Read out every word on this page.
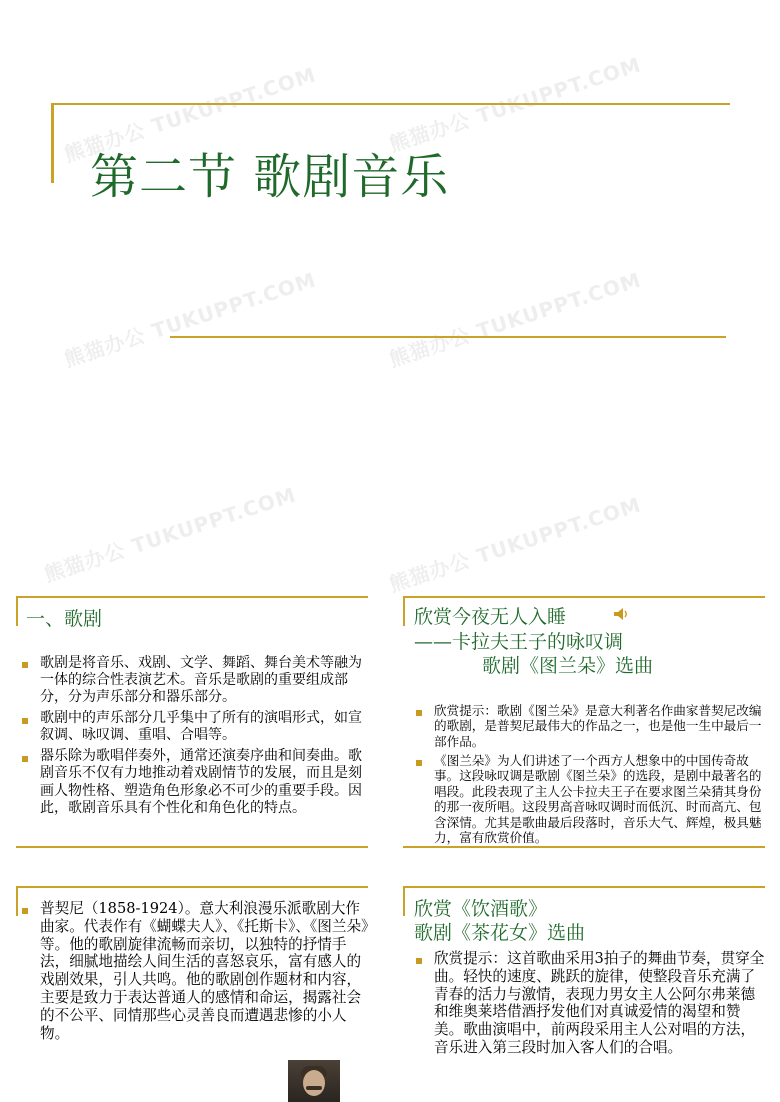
熊猫办公 TUKUPPT.COM	熊猫办公 TUKUPPT.COM
熊猫办公 TUKUPPT.COM	熊猫办公 TUKUPPT.COM
熊猫办公 TUKUPPT.COM	熊猫办公 TUKUPPT.COM
第二节 歌剧音乐
一、歌剧
歌剧是将音乐、戏剧、文学、舞蹈、舞台美术等融为一体的综合性表演艺术。音乐是歌剧的重要组成部分，分为声乐部分和器乐部分。
歌剧中的声乐部分几乎集中了所有的演唱形式，如宣叙调、咏叹调、重唱、合唱等。
器乐除为歌唱伴奏外，通常还演奏序曲和间奏曲。歌剧音乐不仅有力地推动着戏剧情节的发展，而且是刻画人物性格、塑造角色形象必不可少的重要手段。因此，歌剧音乐具有个性化和角色化的特点。
欣赏今夜无人入睡
——卡拉夫王子的咏叹调
歌剧《图兰朵》选曲
欣赏提示：歌剧《图兰朵》是意大利著名作曲家普契尼改编的歌剧，是普契尼最伟大的作品之一，也是他一生中最后一部作品。
《图兰朵》为人们讲述了一个西方人想象中的中国传奇故事。这段咏叹调是歌剧《图兰朵》的选段，是剧中最著名的唱段。此段表现了主人公卡拉夫王子在要求图兰朵猜其身份的那一夜所唱。这段男高音咏叹调时而低沉、时而高亢、包含深情。尤其是歌曲最后段落时，音乐大气、辉煌，极具魅力，富有欣赏价值。
普契尼（1858-1924）。意大利浪漫乐派歌剧大作曲家。代表作有《蝴蝶夫人》、《托斯卡》、《图兰朵》等。他的歌剧旋律流畅而亲切，以独特的抒情手法，细腻地描绘人间生活的喜怒哀乐，富有感人的戏剧效果，引人共鸣。他的歌剧创作题材和内容，主要是致力于表达普通人的感情和命运，揭露社会的不公平、同情那些心灵善良而遭遇悲惨的小人物。
欣赏《饮酒歌》
歌剧《茶花女》选曲
欣赏提示：这首歌曲采用3拍子的舞曲节奏，贯穿全曲。轻快的速度、跳跃的旋律，使整段音乐充满了青春的活力与激情，表现力男女主人公阿尔弗莱德和维奥莱塔借酒抒发他们对真诚爱情的渴望和赞美。歌曲演唱中，前两段采用主人公对唱的方法，音乐进入第三段时加入客人们的合唱。
